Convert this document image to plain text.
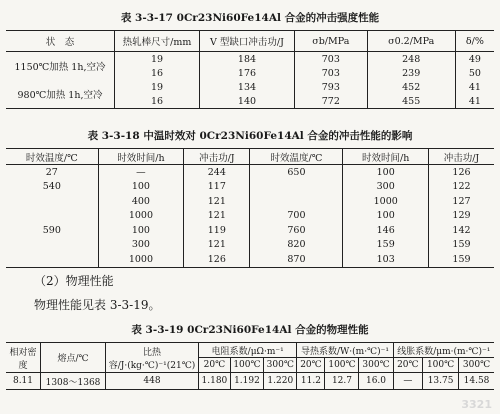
表 3-3-17 0Cr23Ni60Fe14Al 合金的冲击强度性能
状　态	热轧棒尺寸/mm	V 型缺口冲击功/J	σb/MPa	σ0.2/MPa	δ/%
1150℃加热 1h,空冷	19	184	703	248	49
	16	176	703	239	50
980℃加热 1h,空冷	19	134	793	452	41
	16	140	772	455	41
表 3-3-18 中温时效对 0Cr23Ni60Fe14Al 合金的冲击性能的影响
时效温度/℃	时效时间/h	冲击功/J	时效温度/℃	时效时间/h	冲击功/J
27	—	244	650	100	126
540	100	117		300	122
	400	121		1000	127
	1000	121	700	100	129
590	100	119	760	146	142
	300	121	820	159	159
	1000	126	870	103	159
（2）物理性能
物理性能见表 3-3-19。
表 3-3-19 0Cr23Ni60Fe14Al 合金的物理性能
相对密度	熔点/℃	比热容/J·(kg·℃)⁻¹(21℃)	电阻系数/μΩ·m⁻¹			导热系数/W·(m·℃)⁻¹			线胀系数/μm·(m·℃)⁻¹		
			20℃	100℃	300℃	20℃	100℃	300℃	20℃	100℃	300℃
8.11	1308～1368	448	1.180	1.192	1.220	11.2	12.7	16.0	—	13.75	14.58
3321
